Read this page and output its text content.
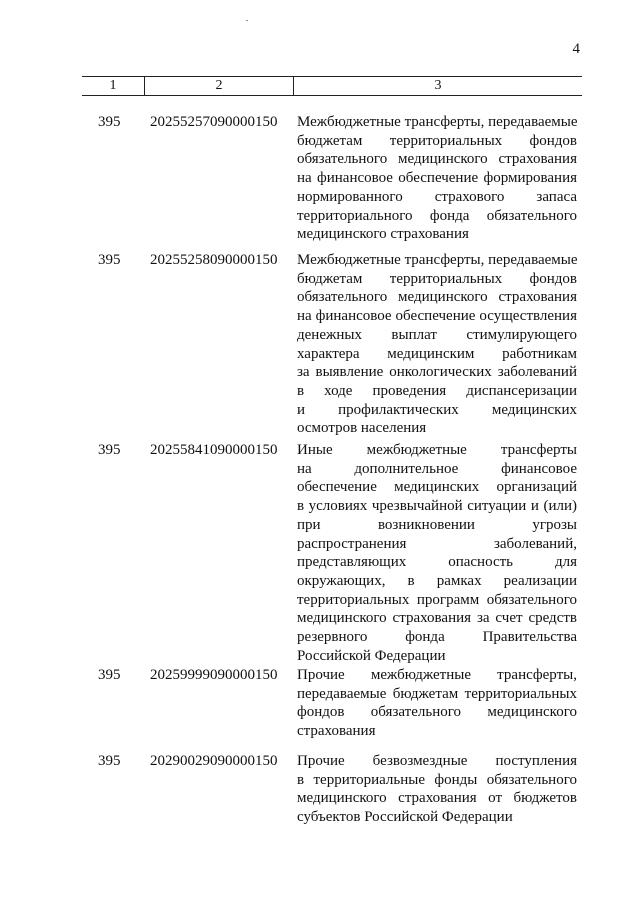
4
1	2	3
395	20255257090000150 Межбюджетные трансферты, передаваемые
бюджетам территориальных фондов
обязательного медицинского страхования
на финансовое обеспечение формирования
нормированного страхового запаса
территориального фонда обязательного
медицинского страхования
395	20255258090000150 Межбюджетные трансферты, передаваемые
бюджетам территориальных фондов
обязательного медицинского страхования
на финансовое обеспечение осуществления
денежных выплат стимулирующего
характера медицинским работникам
за выявление онкологических заболеваний
в ходе проведения диспансеризации
и профилактических медицинских
осмотров населения
395	20255841090000150 Иные межбюджетные трансферты
на дополнительное финансовое
обеспечение медицинских организаций
в условиях чрезвычайной ситуации и (или)
при возникновении угрозы
распространения заболеваний,
представляющих опасность для
окружающих, в рамках реализации
территориальных программ обязательного
медицинского страхования за счет средств
резервного фонда Правительства
Российской Федерации
395	20259999090000150 Прочие межбюджетные трансферты,
передаваемые бюджетам территориальных
фондов обязательного медицинского
страхования
395	20290029090000150 Прочие безвозмездные поступления
в территориальные фонды обязательного
медицинского страхования от бюджетов
субъектов Российской Федерации
